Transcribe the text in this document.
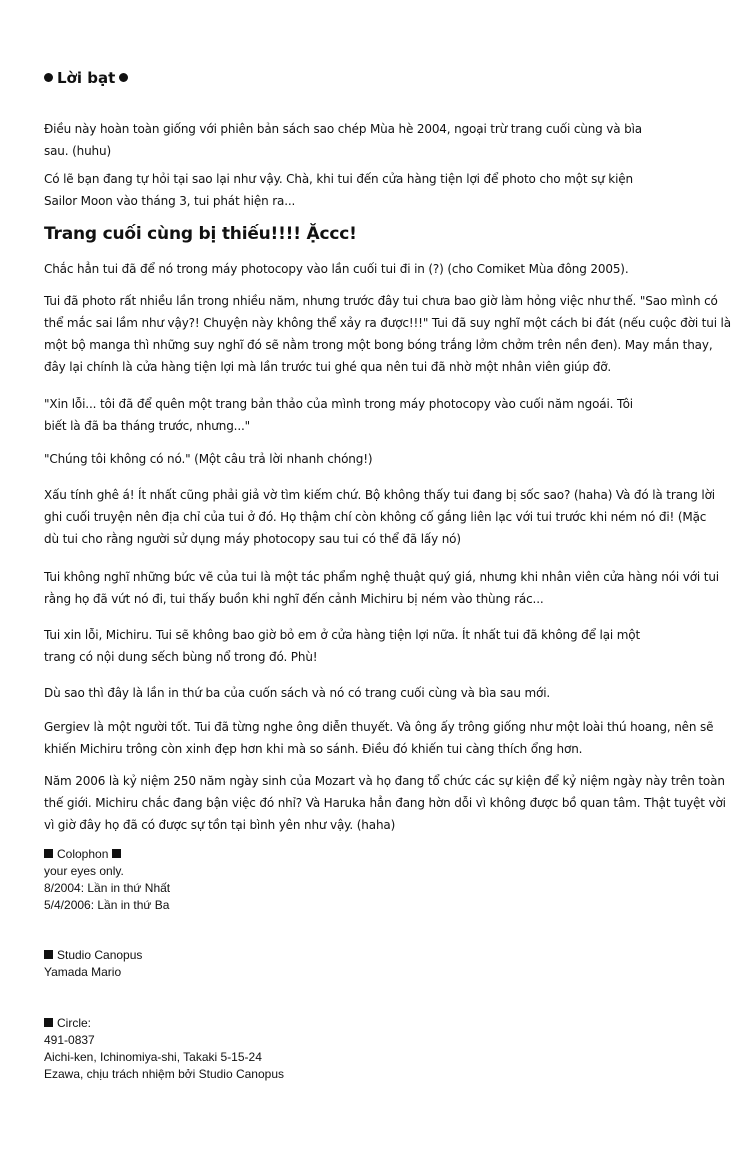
Lời bạt

Điều này hoàn toàn giống với phiên bản sách sao chép Mùa hè 2004, ngoại trừ trang cuối cùng và bìa sau. (huhu)

Có lẽ bạn đang tự hỏi tại sao lại như vậy. Chà, khi tui đến cửa hàng tiện lợi để photo cho một sự kiện Sailor Moon vào tháng 3, tui phát hiện ra...

Trang cuối cùng bị thiếu!!!! Ặccc!

Chắc hẳn tui đã để nó trong máy photocopy vào lần cuối tui đi in (?) (cho Comiket Mùa đông 2005).

Tui đã photo rất nhiều lần trong nhiều năm, nhưng trước đây tui chưa bao giờ làm hỏng việc như thế. "Sao mình có thể mắc sai lầm như vậy?! Chuyện này không thể xảy ra được!!!" Tui đã suy nghĩ một cách bi đát (nếu cuộc đời tui là một bộ manga thì những suy nghĩ đó sẽ nằm trong một bong bóng trắng lởm chởm trên nền đen). May mắn thay, đây lại chính là cửa hàng tiện lợi mà lần trước tui ghé qua nên tui đã nhờ một nhân viên giúp đỡ.

"Xin lỗi... tôi đã để quên một trang bản thảo của mình trong máy photocopy vào cuối năm ngoái. Tôi biết là đã ba tháng trước, nhưng..."

"Chúng tôi không có nó." (Một câu trả lời nhanh chóng!)

Xấu tính ghê á! Ít nhất cũng phải giả vờ tìm kiếm chứ. Bộ không thấy tui đang bị sốc sao? (haha) Và đó là trang lời ghi cuối truyện nên địa chỉ của tui ở đó. Họ thậm chí còn không cố gắng liên lạc với tui trước khi ném nó đi! (Mặc dù tui cho rằng người sử dụng máy photocopy sau tui có thể đã lấy nó)

Tui không nghĩ những bức vẽ của tui là một tác phẩm nghệ thuật quý giá, nhưng khi nhân viên cửa hàng nói với tui rằng họ đã vứt nó đi, tui thấy buồn khi nghĩ đến cảnh Michiru bị ném vào thùng rác...

Tui xin lỗi, Michiru. Tui sẽ không bao giờ bỏ em ở cửa hàng tiện lợi nữa. Ít nhất tui đã không để lại một trang có nội dung sếch bùng nổ trong đó. Phù!

Dù sao thì đây là lần in thứ ba của cuốn sách và nó có trang cuối cùng và bìa sau mới.

Gergiev là một người tốt. Tui đã từng nghe ông diễn thuyết. Và ông ấy trông giống như một loài thú hoang, nên sẽ khiến Michiru trông còn xinh đẹp hơn khi mà so sánh. Điều đó khiến tui càng thích ổng hơn.

Năm 2006 là kỷ niệm 250 năm ngày sinh của Mozart và họ đang tổ chức các sự kiện để kỷ niệm ngày này trên toàn thế giới. Michiru chắc đang bận việc đó nhỉ? Và Haruka hẳn đang hờn dỗi vì không được bồ quan tâm. Thật tuyệt vời vì giờ đây họ đã có được sự tồn tại bình yên như vậy. (haha)

Colophon
your eyes only.
8/2004: Lần in thứ Nhất
5/4/2006: Lần in thứ Ba
Studio Canopus
Yamada Mario
Circle:
491-0837
Aichi-ken, Ichinomiya-shi, Takaki 5-15-24
Ezawa, chịu trách nhiệm bởi Studio Canopus
